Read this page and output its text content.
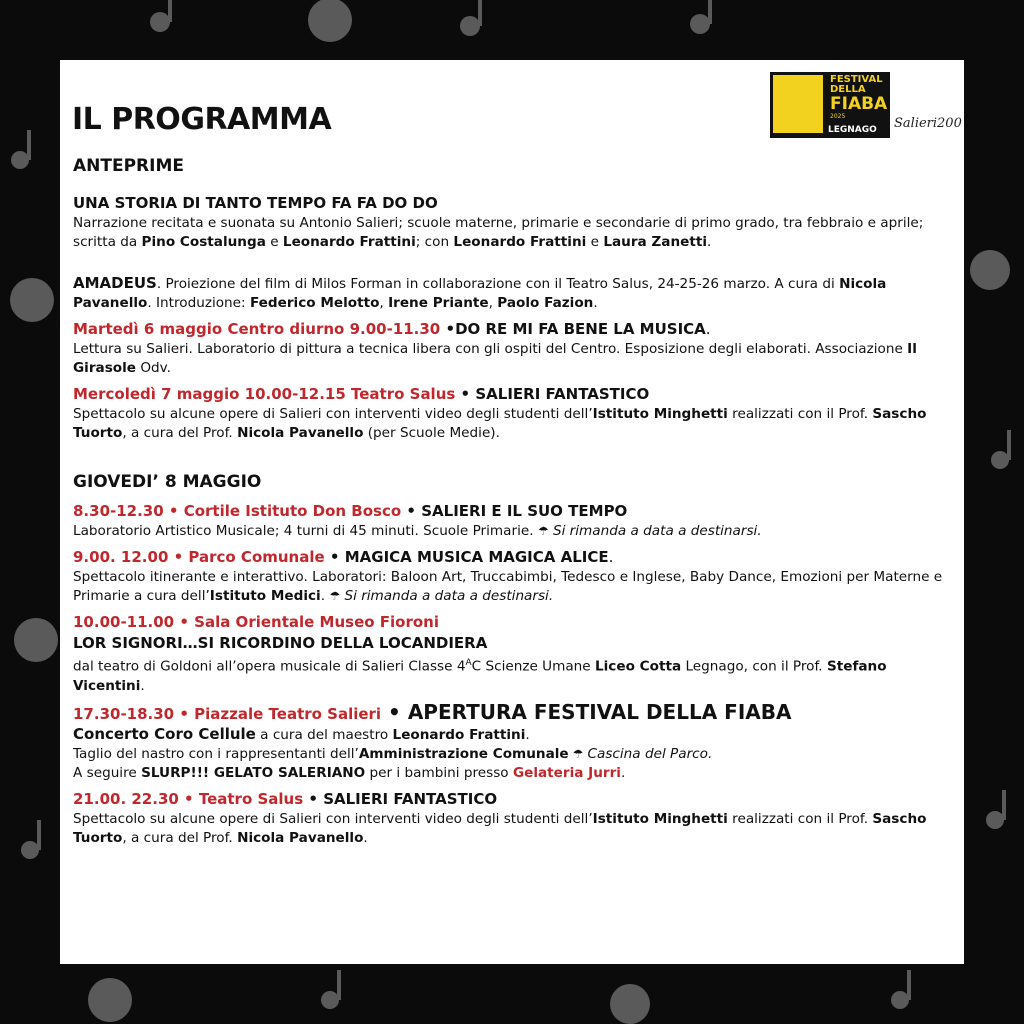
IL PROGRAMMA
FESTIVAL
DELLA
FIABA
2025
LEGNAGO Salieri200
ANTEPRIME

UNA STORIA DI TANTO TEMPO FA FA DO DO

Narrazione recitata e suonata su Antonio Salieri; scuole materne, primarie e secondarie di primo grado, tra febbraio e aprile; scritta da Pino Costalunga e Leonardo Frattini; con Leonardo Frattini e Laura Zanetti.

AMADEUS. Proiezione del film di Milos Forman in collaborazione con il Teatro Salus, 24-25-26 marzo. A cura di Nicola Pavanello. Introduzione: Federico Melotto, Irene Priante, Paolo Fazion.

Martedì 6 maggio Centro diurno 9.00-11.30 •DO RE MI FA BENE LA MUSICA.

Lettura su Salieri. Laboratorio di pittura a tecnica libera con gli ospiti del Centro. Esposizione degli elaborati. Associazione Il Girasole Odv.

Mercoledì 7 maggio 10.00-12.15 Teatro Salus • SALIERI FANTASTICO

Spettacolo su alcune opere di Salieri con interventi video degli studenti dell’Istituto Minghetti realizzati con il Prof. Sascho Tuorto, a cura del Prof. Nicola Pavanello (per Scuole Medie).

GIOVEDI’ 8 MAGGIO

8.30-12.30 • Cortile Istituto Don Bosco • SALIERI E IL SUO TEMPO

Laboratorio Artistico Musicale; 4 turni di 45 minuti. Scuole Primarie. ☂ Si rimanda a data a destinarsi.

9.00. 12.00 • Parco Comunale • MAGICA MUSICA MAGICA ALICE.

Spettacolo itinerante e interattivo. Laboratori: Baloon Art, Truccabimbi, Tedesco e Inglese, Baby Dance, Emozioni per Materne e Primarie a cura dell’Istituto Medici. ☂ Si rimanda a data a destinarsi.

10.00-11.00 • Sala Orientale Museo Fioroni

LOR SIGNORI…SI RICORDINO DELLA LOCANDIERA

dal teatro di Goldoni all’opera musicale di Salieri Classe $4^AC$ Scienze Umane Liceo Cotta Legnago, con il Prof. Stefano Vicentini.

17.30-18.30 • Piazzale Teatro Salieri • APERTURA FESTIVAL DELLA FIABA

Concerto Coro Cellule a cura del maestro Leonardo Frattini.

Taglio del nastro con i rappresentanti dell’Amministrazione Comunale ☂ Cascina del Parco.

A seguire SLURP!!! GELATO SALERIANO per i bambini presso Gelateria Jurri.

21.00. 22.30 • Teatro Salus • SALIERI FANTASTICO

Spettacolo su alcune opere di Salieri con interventi video degli studenti dell’Istituto Minghetti realizzati con il Prof. Sascho Tuorto, a cura del Prof. Nicola Pavanello.
